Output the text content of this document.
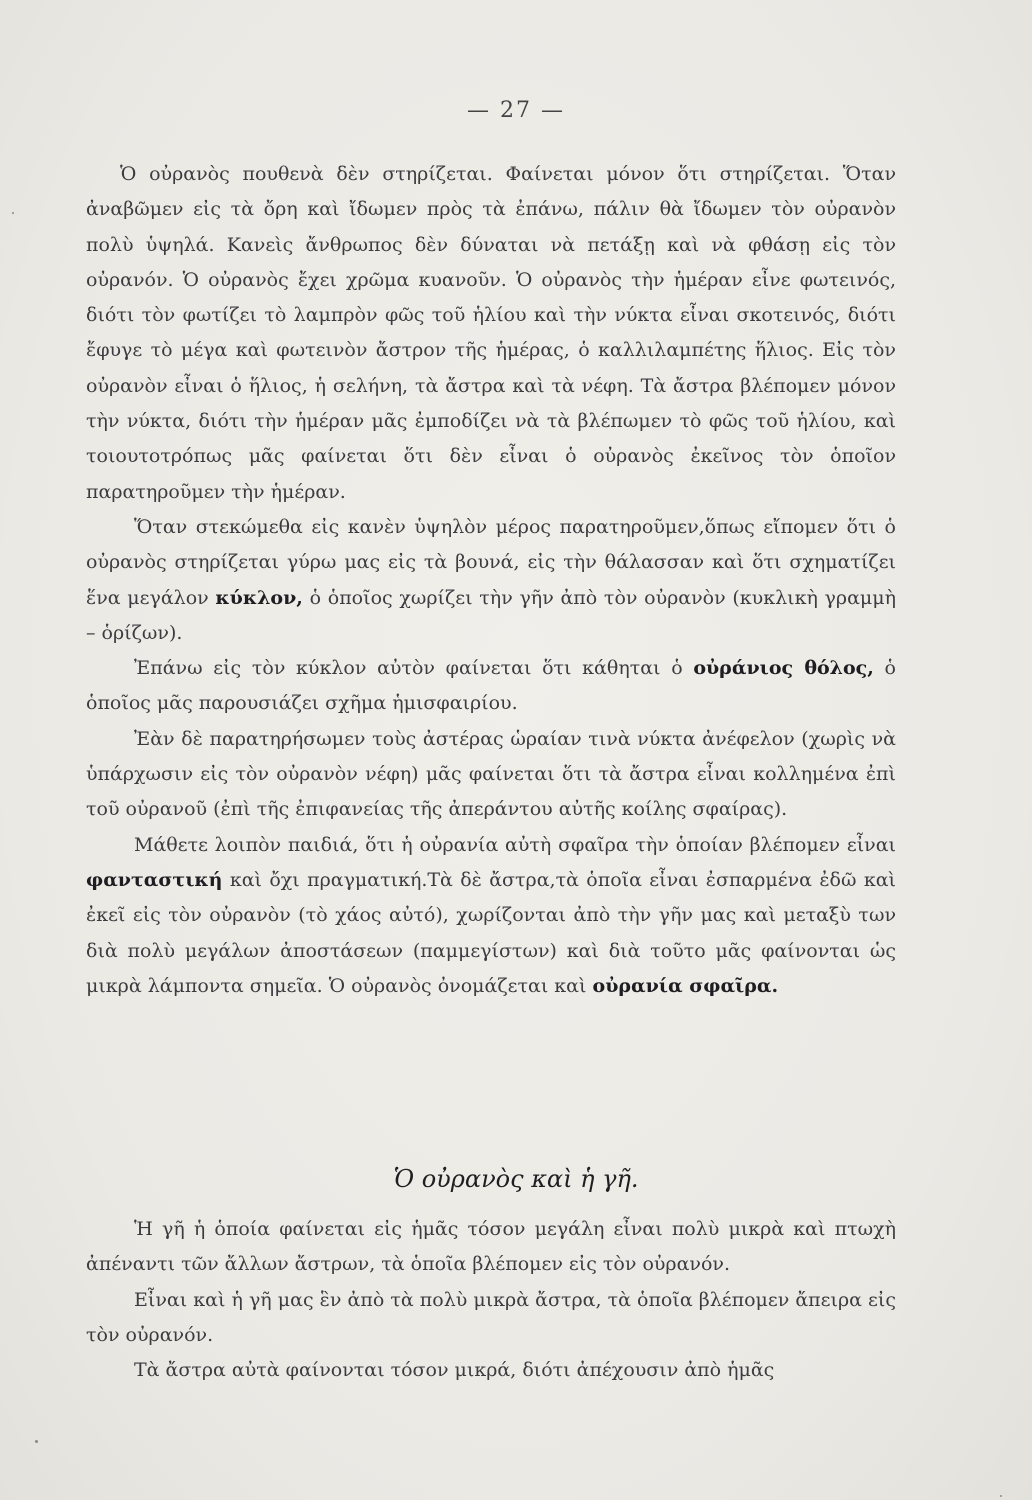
— 27 —

Ὁ οὐρανὸς πουθενὰ δὲν στηρίζεται. Φαίνεται μόνον ὅτι στηρίζεται. Ὅταν ἀναβῶμεν εἰς τὰ ὄρη καὶ ἴδωμεν πρὸς τὰ ἐπάνω, πάλιν θὰ ἴδωμεν τὸν οὐρανὸν πολὺ ὑψηλά. Κανεὶς ἄνθρωπος δὲν δύναται νὰ πετάξῃ καὶ νὰ φθάσῃ εἰς τὸν οὐρανόν. Ὁ οὐρανὸς ἔχει χρῶμα κυανοῦν. Ὁ οὐρανὸς τὴν ἡμέραν εἶνε φωτεινός, διότι τὸν φωτίζει τὸ λαμπρὸν φῶς τοῦ ἡλίου καὶ τὴν νύκτα εἶναι σκοτεινός, διότι ἔφυγε τὸ μέγα καὶ φωτεινὸν ἄστρον τῆς ἡμέρας, ὁ καλλιλαμπέτης ἥλιος. Εἰς τὸν οὐρανὸν εἶναι ὁ ἥλιος, ἡ σελήνη, τὰ ἄστρα καὶ τὰ νέφη. Τὰ ἄστρα βλέπομεν μόνον τὴν νύκτα, διότι τὴν ἡμέραν μᾶς ἐμποδίζει νὰ τὰ βλέπωμεν τὸ φῶς τοῦ ἡλίου, καὶ τοιουτοτρόπως μᾶς φαίνεται ὅτι δὲν εἶναι ὁ οὐρανὸς ἐκεῖνος τὸν ὁποῖον παρατηροῦμεν τὴν ἡμέραν.

Ὅταν στεκώμεθα εἰς κανὲν ὑψηλὸν μέρος παρατηροῦμεν,ὅπως εἴπομεν ὅτι ὁ οὐρανὸς στηρίζεται γύρω μας εἰς τὰ βουνά, εἰς τὴν θάλασσαν καὶ ὅτι σχηματίζει ἕνα μεγάλον κύκλον, ὁ ὁποῖος χωρίζει τὴν γῆν ἀπὸ τὸν οὐρανὸν (κυκλικὴ γραμμὴ – ὁρίζων).

Ἐπάνω εἰς τὸν κύκλον αὐτὸν φαίνεται ὅτι κάθηται ὁ οὐράνιος θόλος, ὁ ὁποῖος μᾶς παρουσιάζει σχῆμα ἡμισφαιρίου.

Ἐὰν δὲ παρατηρήσωμεν τοὺς ἀστέρας ὡραίαν τινὰ νύκτα ἀνέφελον (χωρὶς νὰ ὑπάρχωσιν εἰς τὸν οὐρανὸν νέφη) μᾶς φαίνεται ὅτι τὰ ἄστρα εἶναι κολλημένα ἐπὶ τοῦ οὐρανοῦ (ἐπὶ τῆς ἐπιφανείας τῆς ἀπεράντου αὐτῆς κοίλης σφαίρας).

Μάθετε λοιπὸν παιδιά, ὅτι ἡ οὐρανία αὐτὴ σφαῖρα τὴν ὁποίαν βλέπομεν εἶναι φανταστική καὶ ὄχι πραγματική.Τὰ δὲ ἄστρα,τὰ ὁποῖα εἶναι ἐσπαρμένα ἐδῶ καὶ ἐκεῖ εἰς τὸν οὐρανὸν (τὸ χάος αὐτό), χωρίζονται ἀπὸ τὴν γῆν μας καὶ μεταξὺ των διὰ πολὺ μεγάλων ἀποστάσεων (παμμεγίστων) καὶ διὰ τοῦτο μᾶς φαίνονται ὡς μικρὰ λάμποντα σημεῖα. Ὁ οὐρανὸς ὀνομάζεται καὶ οὐρανία σφαῖρα.

Ὁ οὐρανὸς καὶ ἡ γῆ.

Ἡ γῆ ἡ ὁποία φαίνεται εἰς ἡμᾶς τόσον μεγάλη εἶναι πολὺ μικρὰ καὶ πτωχὴ ἀπέναντι τῶν ἄλλων ἄστρων, τὰ ὁποῖα βλέπομεν εἰς τὸν οὐρανόν.

Εἶναι καὶ ἡ γῆ μας ἓν ἀπὸ τὰ πολὺ μικρὰ ἄστρα, τὰ ὁποῖα βλέπομεν ἄπειρα εἰς τὸν οὐρανόν.

Τὰ ἄστρα αὐτὰ φαίνονται τόσον μικρά, διότι ἀπέχουσιν ἀπὸ ἡμᾶς
